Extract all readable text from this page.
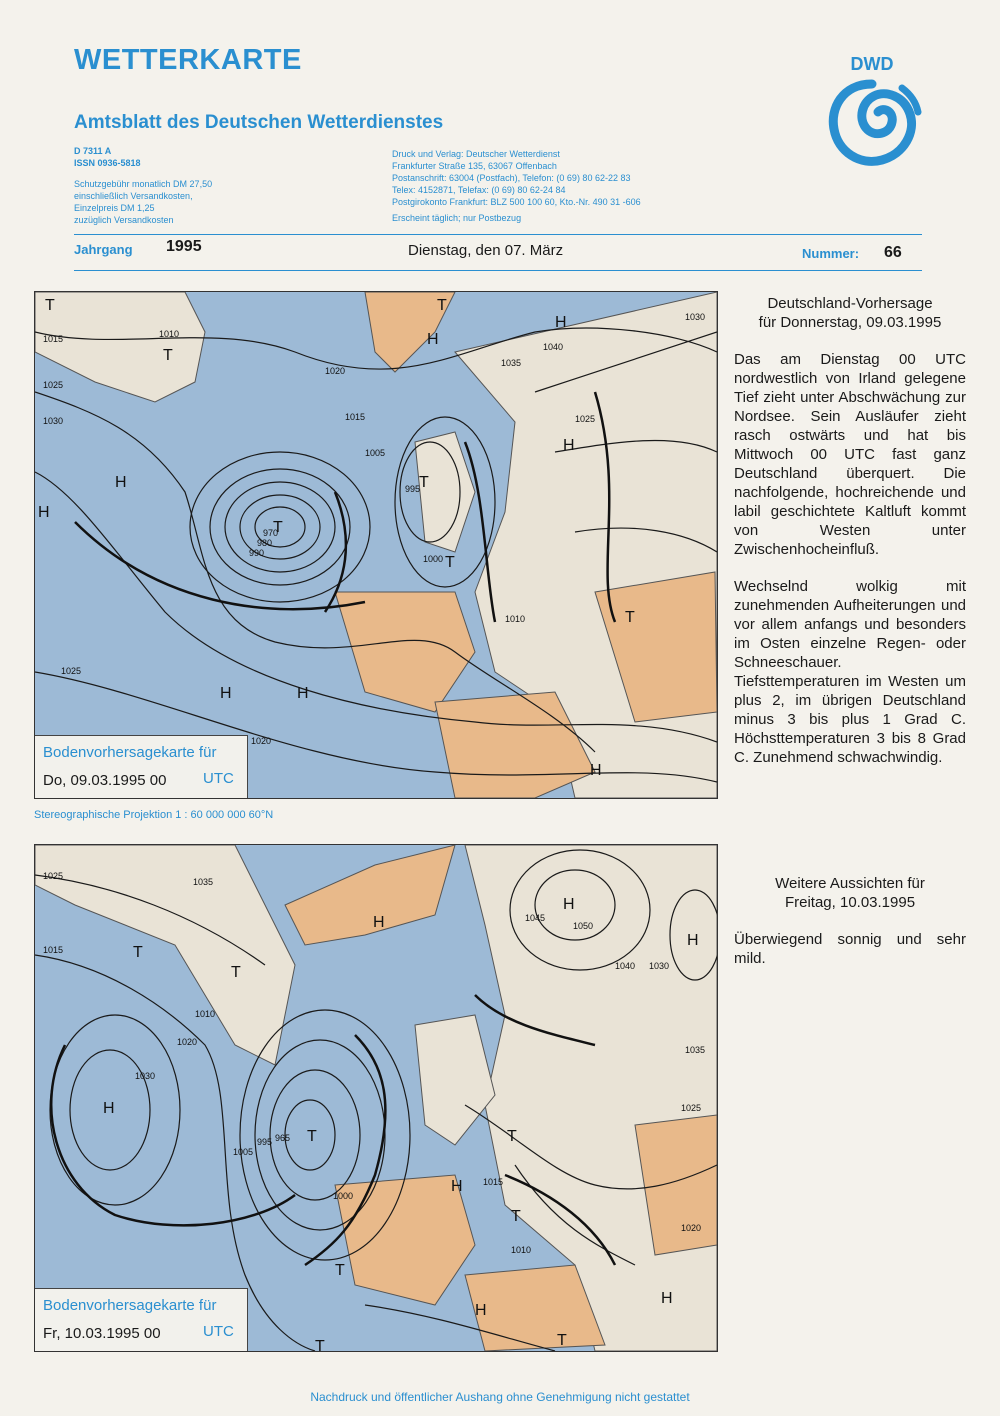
WETTERKARTE
Amtsblatt des Deutschen Wetterdienstes
D 7311 A
ISSN 0936-5818
Schutzgebühr monatlich DM 27,50
einschließlich Versandkosten,
Einzelpreis DM 1,25
zuzüglich Versandkosten
Druck und Verlag: Deutscher Wetterdienst
Frankfurter Straße 135, 63067 Offenbach
Postanschrift: 63004 (Postfach), Telefon: (0 69) 80 62-22 83
Telex: 4152871, Telefax: (0 69) 80 62-24 84
Postgirokonto Frankfurt: BLZ 500 100 60, Kto.-Nr. 490 31 -606
Erscheint täglich; nur Postbezug
DWD
Jahrgang 1995	Dienstag, den 07. März	Nummer: 66
T
T
T
T
T
T
H
H
H
H
H	H
H
T
H
1010
1015
1025
1030
1020
1015
1005
1000
995
990
980
970
1035
1040
1025
1030
1020
1010
1025
Bodenvorhersagekarte für
Do, 09.03.1995 00 UTC
Stereographische Projektion 1 : 60 000 000 60°N
H
T
T
H
H
T
H
T
T
H
T
H
T
T
H
1025
1035
1015
1030
1020
1010
1000
1005
995 965
1045
1050
1040 1030
1035
1025
1015
1010
1020
Bodenvorhersagekarte für
Fr, 10.03.1995 00	UTC
Deutschland-Vorhersage
für Donnerstag, 09.03.1995
Das am Dienstag 00 UTC nordwestlich von Irland gelegene Tief zieht unter Abschwächung zur Nordsee. Sein Ausläufer zieht rasch ostwärts und hat bis Mittwoch 00 UTC fast ganz Deutschland überquert. Die nachfolgende, hochreichende und labil geschichtete Kaltluft kommt von Westen unter Zwischenhocheinfluß.
Wechselnd wolkig mit zunehmenden Aufheiterungen und vor allem anfangs und besonders im Osten einzelne Regen- oder Schneeschauer. Tiefsttemperaturen im Westen um plus 2, im übrigen Deutschland minus 3 bis plus 1 Grad C. Höchsttemperaturen 3 bis 8 Grad C. Zunehmend schwachwindig.
Weitere Aussichten für
Freitag, 10.03.1995
Überwiegend sonnig und sehr mild.
Nachdruck und öffentlicher Aushang ohne Genehmigung nicht gestattet
